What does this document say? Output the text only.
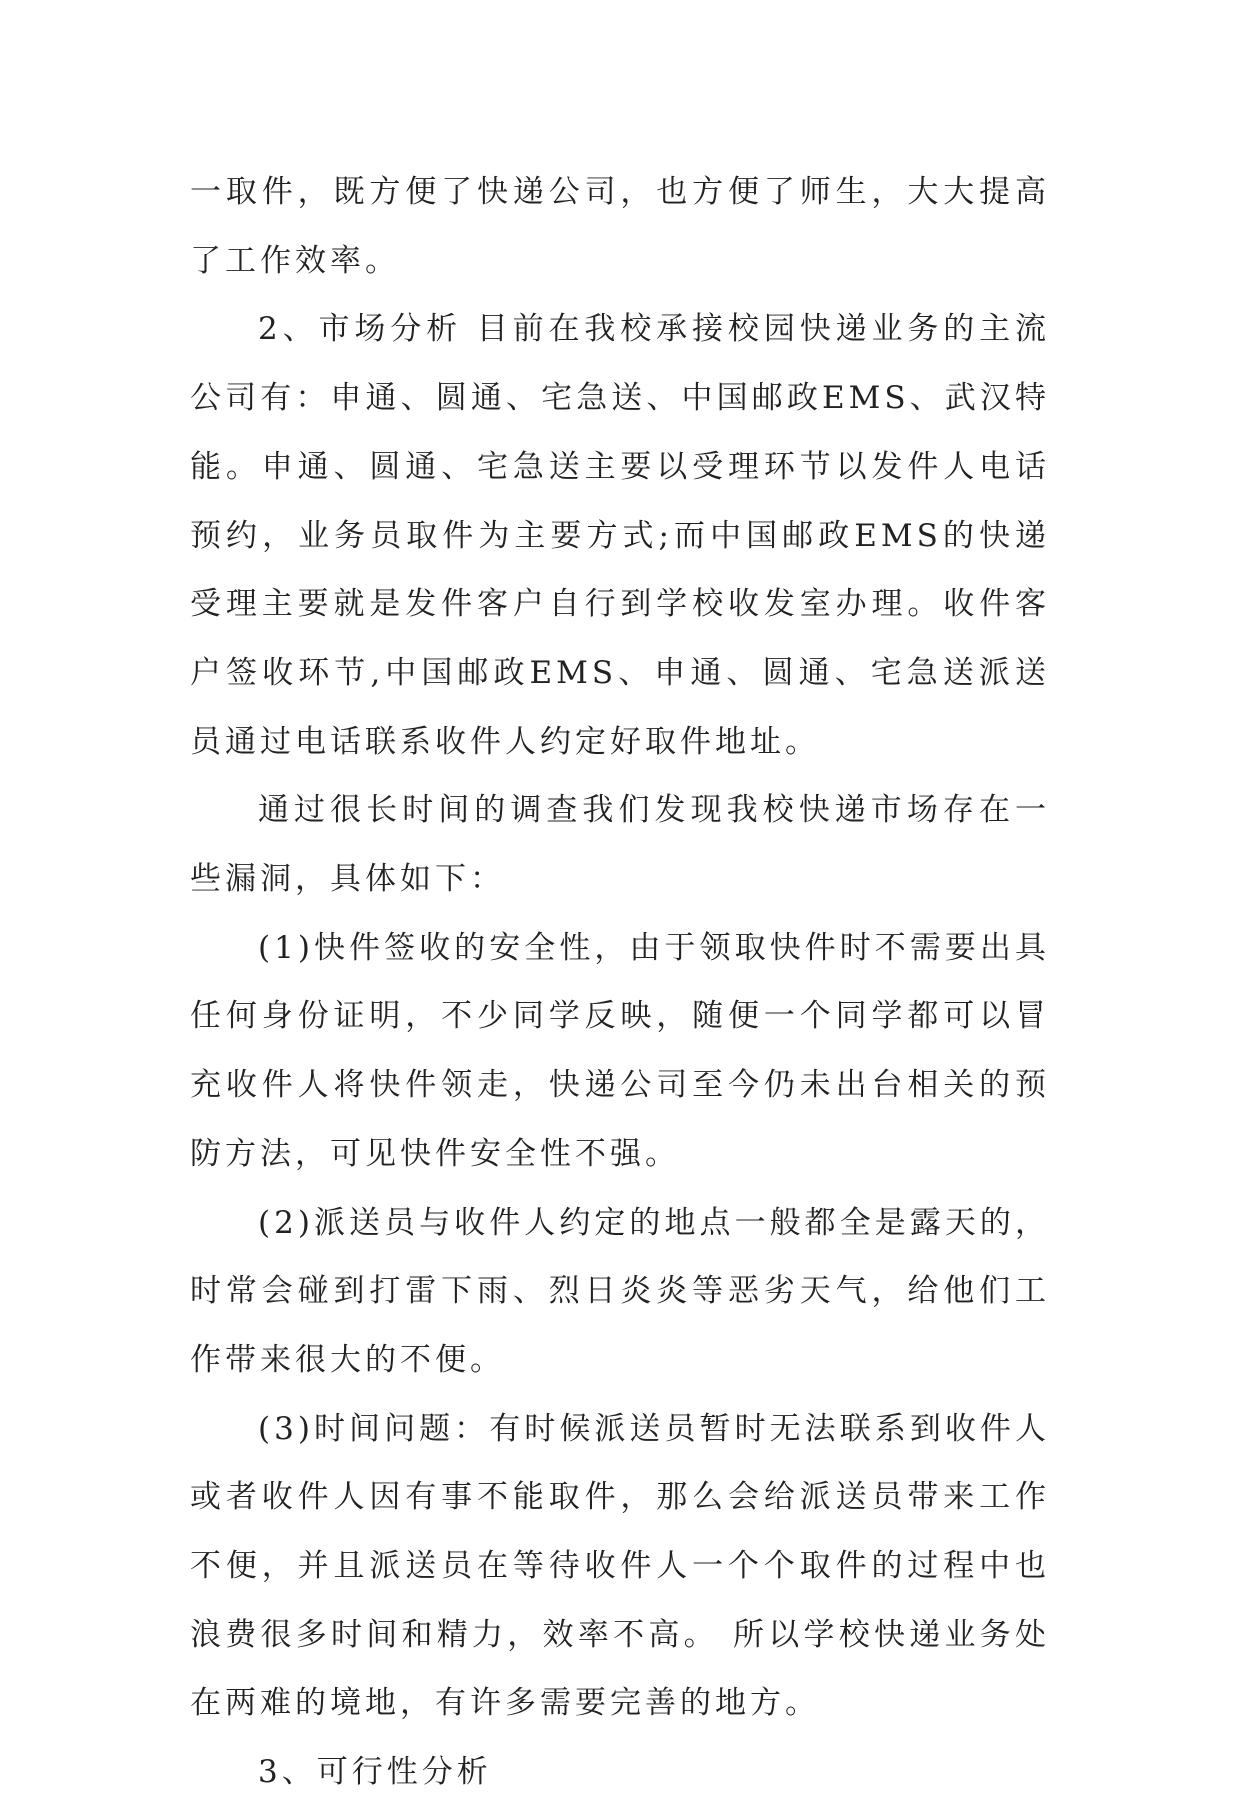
一取件，既方便了快递公司，也方便了师生，大大提高了工作效率。

2、市场分析 目前在我校承接校园快递业务的主流公司有：申通、圆通、宅急送、中国邮政EMS、武汉特能。申通、圆通、宅急送主要以受理环节以发件人电话预约，业务员取件为主要方式;而中国邮政EMS的快递受理主要就是发件客户自行到学校收发室办理。收件客户签收环节,中国邮政EMS、申通、圆通、宅急送派送员通过电话联系收件人约定好取件地址。

通过很长时间的调查我们发现我校快递市场存在一些漏洞，具体如下：

(1)快件签收的安全性，由于领取快件时不需要出具任何身份证明，不少同学反映，随便一个同学都可以冒充收件人将快件领走，快递公司至今仍未出台相关的预防方法，可见快件安全性不强。

(2)派送员与收件人约定的地点一般都全是露天的，时常会碰到打雷下雨、烈日炎炎等恶劣天气，给他们工作带来很大的不便。

(3)时间问题：有时候派送员暂时无法联系到收件人或者收件人因有事不能取件，那么会给派送员带来工作不便，并且派送员在等待收件人一个个取件的过程中也浪费很多时间和精力，效率不高。 所以学校快递业务处在两难的境地，有许多需要完善的地方。

3、可行性分析
